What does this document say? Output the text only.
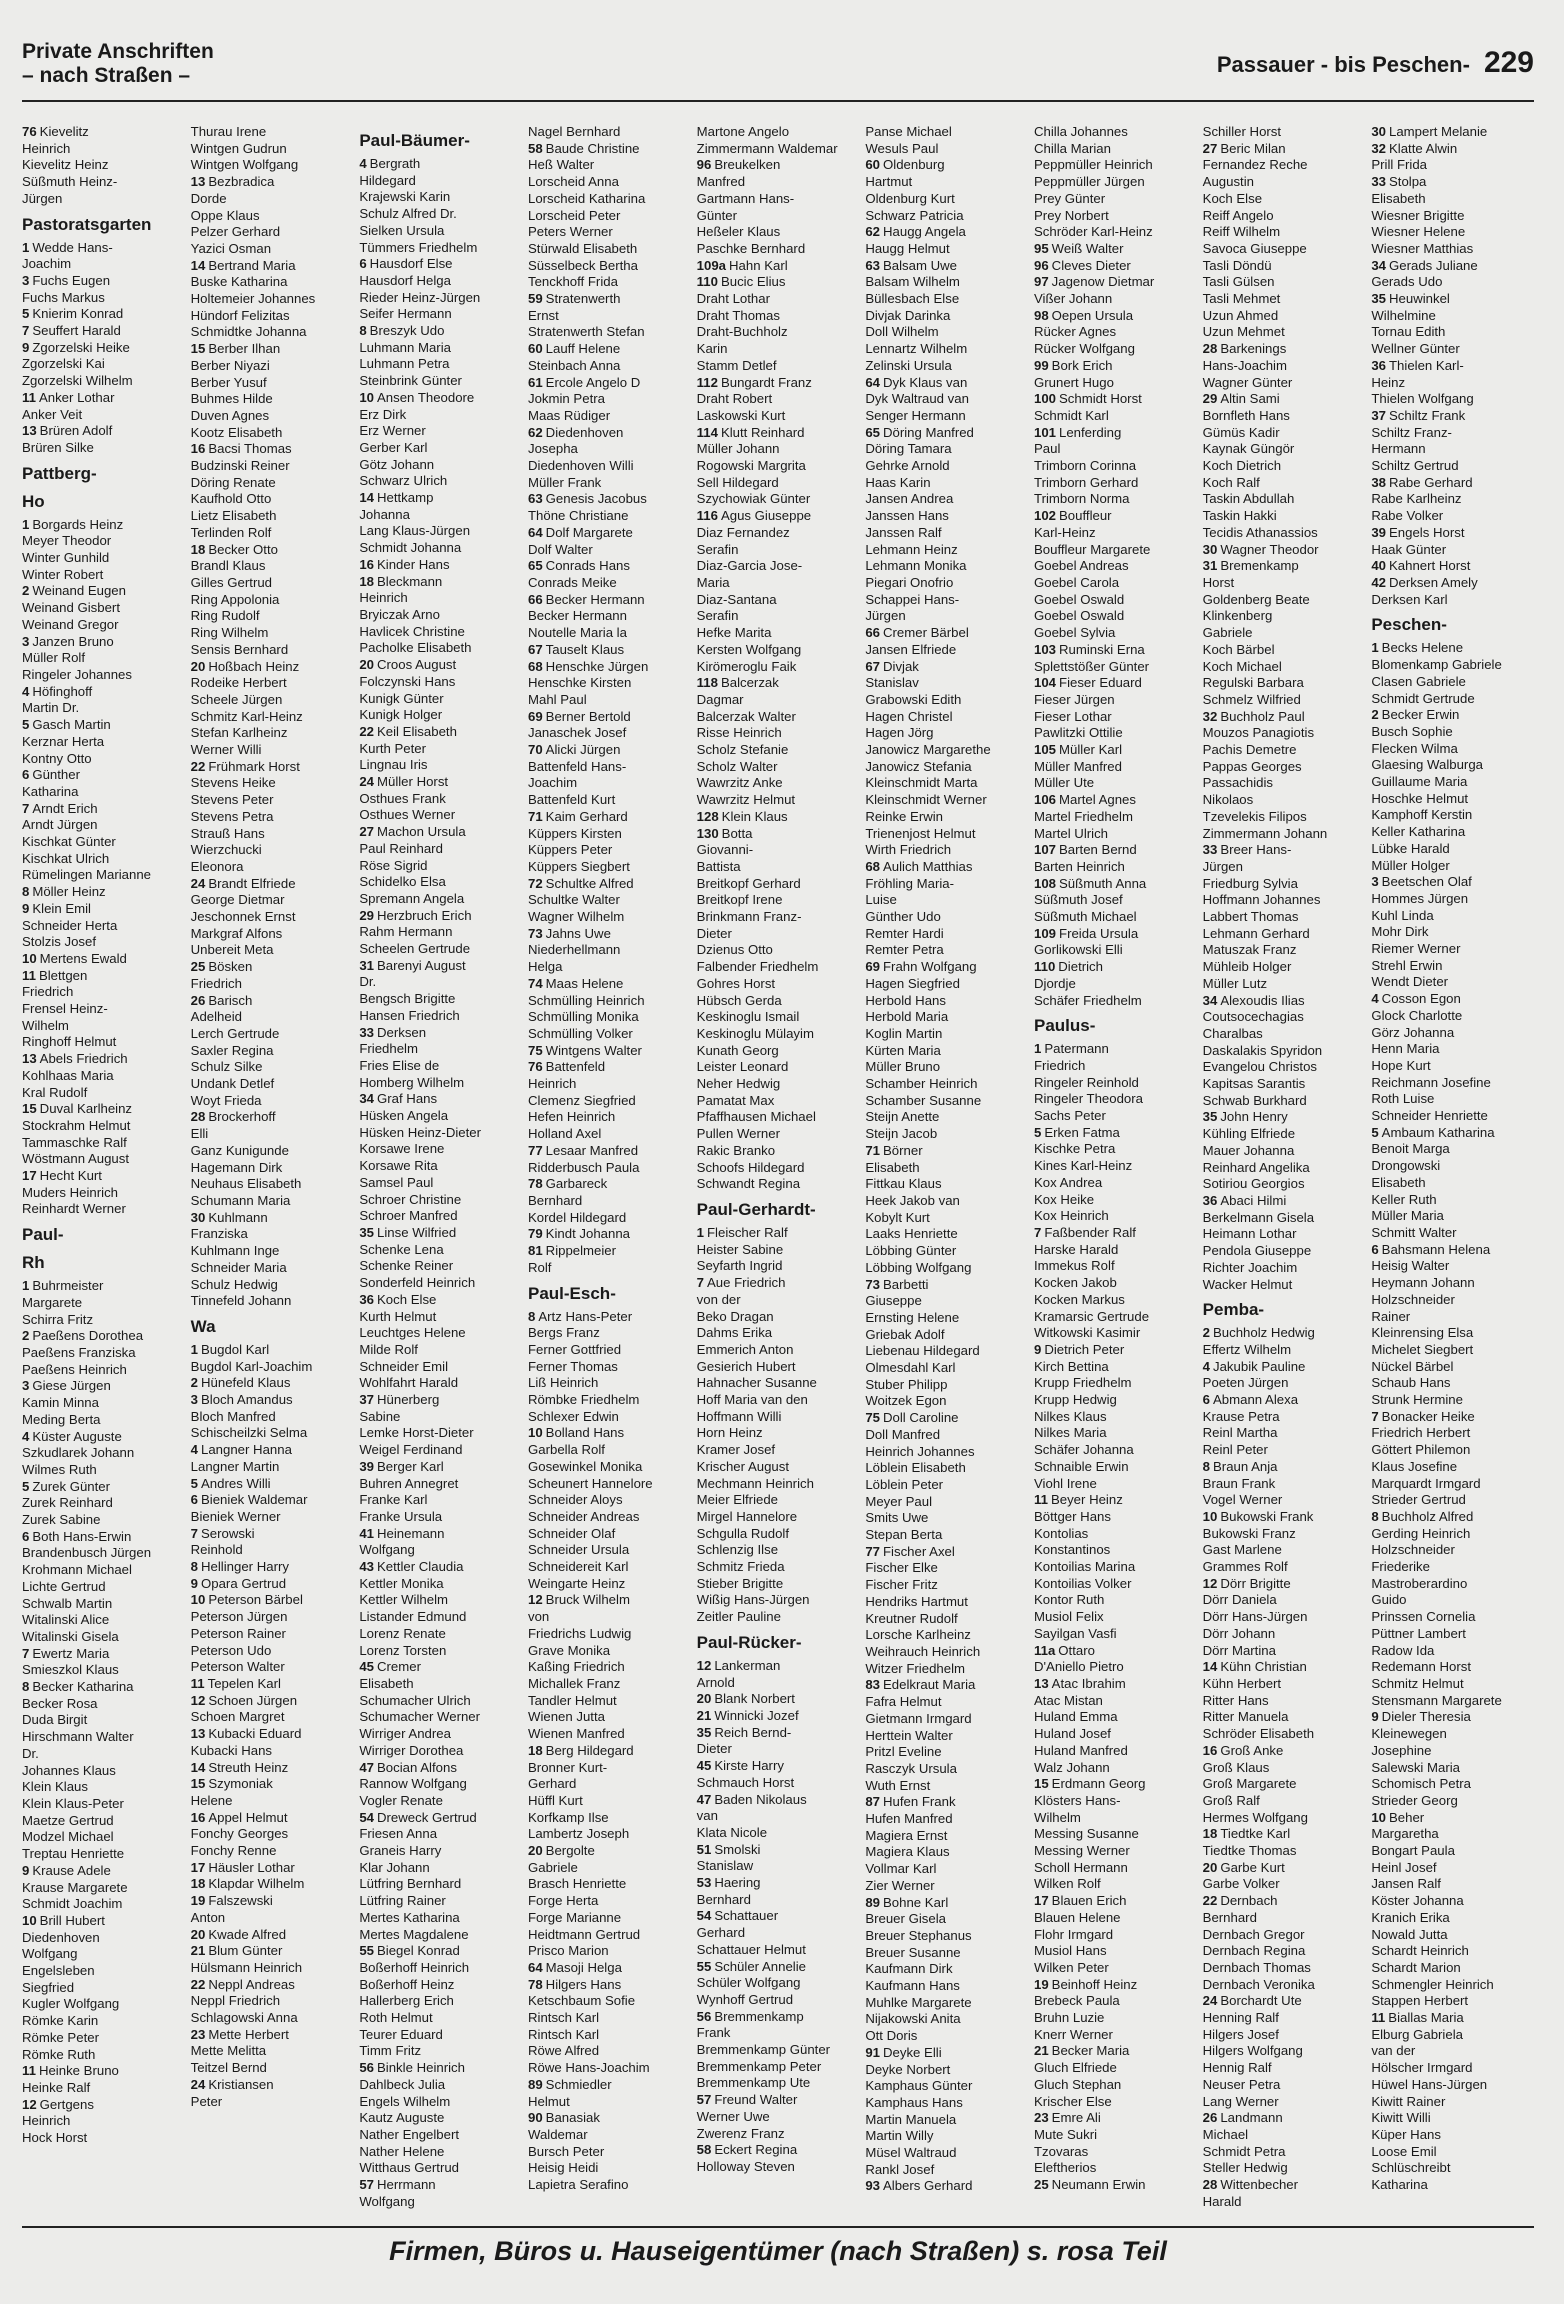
Private Anschriften
– nach Straßen –	Passauer - bis Peschen- 229
76 Kievelitz
Heinrich
Kievelitz Heinz
Süßmuth Heinz-
Jürgen
Pastoratsgarten
1 Wedde Hans-
Joachim
3 Fuchs Eugen
Fuchs Markus
5 Knierim Konrad
7 Seuffert Harald
9 Zgorzelski Heike
Zgorzelski Kai
Zgorzelski Wilhelm
11 Anker Lothar
Anker Veit
13 Brüren Adolf
Brüren Silke
Pattberg-
Ho
1 Borgards Heinz
Meyer Theodor
Winter Gunhild
Winter Robert
2 Weinand Eugen
Weinand Gisbert
Weinand Gregor
3 Janzen Bruno
Müller Rolf
Ringeler Johannes
4 Höfinghoff
Martin Dr.
5 Gasch Martin
Kerznar Herta
Kontny Otto
6 Günther
Katharina
7 Arndt Erich
Arndt Jürgen
Kischkat Günter
Kischkat Ulrich
Rümelingen Marianne
8 Möller Heinz
9 Klein Emil
Schneider Herta
Stolzis Josef
10 Mertens Ewald
11 Blettgen
Friedrich
Frensel Heinz-
Wilhelm
Ringhoff Helmut
13 Abels Friedrich
Kohlhaas Maria
Kral Rudolf
15 Duval Karlheinz
Stockrahm Helmut
Tammaschke Ralf
Wöstmann August
17 Hecht Kurt
Muders Heinrich
Reinhardt Werner
Paul-
Rh
1 Buhrmeister
Margarete
Schirra Fritz
2 Paeßens Dorothea
Paeßens Franziska
Paeßens Heinrich
3 Giese Jürgen
Kamin Minna
Meding Berta
4 Küster Auguste
Szkudlarek Johann
Wilmes Ruth
5 Zurek Günter
Zurek Reinhard
Zurek Sabine
6 Both Hans-Erwin
Brandenbusch Jürgen
Krohmann Michael
Lichte Gertrud
Schwalb Martin
Witalinski Alice
Witalinski Gisela
7 Ewertz Maria
Smieszkol Klaus
8 Becker Katharina
Becker Rosa
Duda Birgit
Hirschmann Walter
Dr.
Johannes Klaus
Klein Klaus
Klein Klaus-Peter
Maetze Gertrud
Modzel Michael
Treptau Henriette
9 Krause Adele
Krause Margarete
Schmidt Joachim
10 Brill Hubert
Diedenhoven
Wolfgang
Engelsleben
Siegfried
Kugler Wolfgang
Römke Karin
Römke Peter
Römke Ruth
11 Heinke Bruno
Heinke Ralf
12 Gertgens
Heinrich
Hock Horst
Thurau Irene
Wintgen Gudrun
Wintgen Wolfgang
13 Bezbradica
Dorde
Oppe Klaus
Pelzer Gerhard
Yazici Osman
14 Bertrand Maria
Buske Katharina
Holtemeier Johannes
Hündorf Felizitas
Schmidtke Johanna
15 Berber Ilhan
Berber Niyazi
Berber Yusuf
Buhmes Hilde
Duven Agnes
Kootz Elisabeth
16 Bacsi Thomas
Budzinski Reiner
Döring Renate
Kaufhold Otto
Lietz Elisabeth
Terlinden Rolf
18 Becker Otto
Brandl Klaus
Gilles Gertrud
Ring Appolonia
Ring Rudolf
Ring Wilhelm
Sensis Bernhard
20 Hoßbach Heinz
Rodeike Herbert
Scheele Jürgen
Schmitz Karl-Heinz
Stefan Karlheinz
Werner Willi
22 Frühmark Horst
Stevens Heike
Stevens Peter
Stevens Petra
Strauß Hans
Wierzchucki
Eleonora
24 Brandt Elfriede
George Dietmar
Jeschonnek Ernst
Markgraf Alfons
Unbereit Meta
25 Bösken
Friedrich
26 Barisch
Adelheid
Lerch Gertrude
Saxler Regina
Schulz Silke
Undank Detlef
Woyt Frieda
28 Brockerhoff
Elli
Ganz Kunigunde
Hagemann Dirk
Neuhaus Elisabeth
Schumann Maria
30 Kuhlmann
Franziska
Kuhlmann Inge
Schneider Maria
Schulz Hedwig
Tinnefeld Johann
Wa
1 Bugdol Karl
Bugdol Karl-Joachim
2 Hünefeld Klaus
3 Bloch Amandus
Bloch Manfred
Schischeilzki Selma
4 Langner Hanna
Langner Martin
5 Andres Willi
6 Bieniek Waldemar
Bieniek Werner
7 Serowski
Reinhold
8 Hellinger Harry
9 Opara Gertrud
10 Peterson Bärbel
Peterson Jürgen
Peterson Rainer
Peterson Udo
Peterson Walter
11 Tepelen Karl
12 Schoen Jürgen
Schoen Margret
13 Kubacki Eduard
Kubacki Hans
14 Streuth Heinz
15 Szymoniak
Helene
16 Appel Helmut
Fonchy Georges
Fonchy Renne
17 Häusler Lothar
18 Klapdar Wilhelm
19 Falszewski
Anton
20 Kwade Alfred
21 Blum Günter
Hülsmann Heinrich
22 Neppl Andreas
Neppl Friedrich
Schlagowski Anna
23 Mette Herbert
Mette Melitta
Teitzel Bernd
24 Kristiansen
Peter
Paul-Bäumer-
4 Bergrath
Hildegard
Krajewski Karin
Schulz Alfred Dr.
Sielken Ursula
Tümmers Friedhelm
6 Hausdorf Else
Hausdorf Helga
Rieder Heinz-Jürgen
Seifer Hermann
8 Breszyk Udo
Luhmann Maria
Luhmann Petra
Steinbrink Günter
10 Ansen Theodore
Erz Dirk
Erz Werner
Gerber Karl
Götz Johann
Schwarz Ulrich
14 Hettkamp
Johanna
Lang Klaus-Jürgen
Schmidt Johanna
16 Kinder Hans
18 Bleckmann
Heinrich
Bryiczak Arno
Havlicek Christine
Pacholke Elisabeth
20 Croos August
Folczynski Hans
Kunigk Günter
Kunigk Holger
22 Keil Elisabeth
Kurth Peter
Lingnau Iris
24 Müller Horst
Osthues Frank
Osthues Werner
27 Machon Ursula
Paul Reinhard
Röse Sigrid
Schidelko Elsa
Spremann Angela
29 Herzbruch Erich
Rahm Hermann
Scheelen Gertrude
31 Barenyi August
Dr.
Bengsch Brigitte
Hansen Friedrich
33 Derksen
Friedhelm
Fries Elise de
Homberg Wilhelm
34 Graf Hans
Hüsken Angela
Hüsken Heinz-Dieter
Korsawe Irene
Korsawe Rita
Samsel Paul
Schroer Christine
Schroer Manfred
35 Linse Wilfried
Schenke Lena
Schenke Reiner
Sonderfeld Heinrich
36 Koch Else
Kurth Helmut
Leuchtges Helene
Milde Rolf
Schneider Emil
Wohlfahrt Harald
37 Hünerberg
Sabine
Lemke Horst-Dieter
Weigel Ferdinand
39 Berger Karl
Buhren Annegret
Franke Karl
Franke Ursula
41 Heinemann
Wolfgang
43 Kettler Claudia
Kettler Monika
Kettler Wilhelm
Listander Edmund
Lorenz Renate
Lorenz Torsten
45 Cremer
Elisabeth
Schumacher Ulrich
Schumacher Werner
Wirriger Andrea
Wirriger Dorothea
47 Bocian Alfons
Rannow Wolfgang
Vogler Renate
54 Dreweck Gertrud
Friesen Anna
Graneis Harry
Klar Johann
Lütfring Bernhard
Lütfring Rainer
Mertes Katharina
Mertes Magdalene
55 Biegel Konrad
Boßerhoff Heinrich
Boßerhoff Heinz
Hallerberg Erich
Roth Helmut
Teurer Eduard
Timm Fritz
56 Binkle Heinrich
Dahlbeck Julia
Engels Wilhelm
Kautz Auguste
Nather Engelbert
Nather Helene
Witthaus Gertrud
57 Herrmann
Wolfgang
Nagel Bernhard
58 Baude Christine
Heß Walter
Lorscheid Anna
Lorscheid Katharina
Lorscheid Peter
Peters Werner
Stürwald Elisabeth
Süsselbeck Bertha
Tenckhoff Frida
59 Stratenwerth
Ernst
Stratenwerth Stefan
60 Lauff Helene
Steinbach Anna
61 Ercole Angelo D
Jokmin Petra
Maas Rüdiger
62 Diedenhoven
Josepha
Diedenhoven Willi
Müller Frank
63 Genesis Jacobus
Thöne Christiane
64 Dolf Margarete
Dolf Walter
65 Conrads Hans
Conrads Meike
66 Becker Hermann
Becker Hermann
Noutelle Maria la
67 Tauselt Klaus
68 Henschke Jürgen
Henschke Kirsten
Mahl Paul
69 Berner Bertold
Janaschek Josef
70 Alicki Jürgen
Battenfeld Hans-
Joachim
Battenfeld Kurt
71 Kaim Gerhard
Küppers Kirsten
Küppers Peter
Küppers Siegbert
72 Schultke Alfred
Schultke Walter
Wagner Wilhelm
73 Jahns Uwe
Niederhellmann
Helga
74 Maas Helene
Schmülling Heinrich
Schmülling Monika
Schmülling Volker
75 Wintgens Walter
76 Battenfeld
Heinrich
Clemenz Siegfried
Hefen Heinrich
Holland Axel
77 Lesaar Manfred
Ridderbusch Paula
78 Garbareck
Bernhard
Kordel Hildegard
79 Kindt Johanna
81 Rippelmeier
Rolf
Paul-Esch-
8 Artz Hans-Peter
Bergs Franz
Ferner Gottfried
Ferner Thomas
Liß Heinrich
Römbke Friedhelm
Schlexer Edwin
10 Bolland Hans
Garbella Rolf
Gosewinkel Monika
Scheunert Hannelore
Schneider Aloys
Schneider Andreas
Schneider Olaf
Schneider Ursula
Schneidereit Karl
Weingarte Heinz
12 Bruck Wilhelm
von
Friedrichs Ludwig
Grave Monika
Kaßing Friedrich
Michallek Franz
Tandler Helmut
Wienen Jutta
Wienen Manfred
18 Berg Hildegard
Bronner Kurt-
Gerhard
Hüffl Kurt
Korfkamp Ilse
Lambertz Joseph
20 Bergolte
Gabriele
Brasch Henriette
Forge Herta
Forge Marianne
Heidtmann Gertrud
Prisco Marion
64 Masoji Helga
78 Hilgers Hans
Ketschbaum Sofie
Rintsch Karl
Rintsch Karl
Röwe Alfred
Röwe Hans-Joachim
89 Schmiedler
Helmut
90 Banasiak
Waldemar
Bursch Peter
Heisig Heidi
Lapietra Serafino
Martone Angelo
Zimmermann Waldemar
96 Breukelken
Manfred
Gartmann Hans-
Günter
Heßeler Klaus
Paschke Bernhard
109a Hahn Karl
110 Bucic Elius
Draht Lothar
Draht Thomas
Draht-Buchholz
Karin
Stamm Detlef
112 Bungardt Franz
Draht Robert
Laskowski Kurt
114 Klutt Reinhard
Müller Johann
Rogowski Margrita
Sell Hildegard
Szychowiak Günter
116 Agus Giuseppe
Diaz Fernandez
Serafin
Diaz-Garcia Jose-
Maria
Diaz-Santana
Serafin
Hefke Marita
Kersten Wolfgang
Kirömeroglu Faik
118 Balcerzak
Dagmar
Balcerzak Walter
Risse Heinrich
Scholz Stefanie
Scholz Walter
Wawrzitz Anke
Wawrzitz Helmut
128 Klein Klaus
130 Botta
Giovanni-
Battista
Breitkopf Gerhard
Breitkopf Irene
Brinkmann Franz-
Dieter
Dzienus Otto
Falbender Friedhelm
Gohres Horst
Hübsch Gerda
Keskinoglu Ismail
Keskinoglu Mülayim
Kunath Georg
Leister Leonard
Neher Hedwig
Pamatat Max
Pfaffhausen Michael
Pullen Werner
Rakic Branko
Schoofs Hildegard
Schwandt Regina
Paul-Gerhardt-
1 Fleischer Ralf
Heister Sabine
Seyfarth Ingrid
7 Aue Friedrich
von der
Beko Dragan
Dahms Erika
Emmerich Anton
Gesierich Hubert
Hahnacher Susanne
Hoff Maria van den
Hoffmann Willi
Horn Heinz
Kramer Josef
Krischer August
Mechmann Heinrich
Meier Elfriede
Mirgel Hannelore
Schgulla Rudolf
Schlenzig Ilse
Schmitz Frieda
Stieber Brigitte
Wißig Hans-Jürgen
Zeitler Pauline
Paul-Rücker-
12 Lankerman
Arnold
20 Blank Norbert
21 Winnicki Jozef
35 Reich Bernd-
Dieter
45 Kirste Harry
Schmauch Horst
47 Baden Nikolaus
van
Klata Nicole
51 Smolski
Stanislaw
53 Haering
Bernhard
54 Schattauer
Gerhard
Schattauer Helmut
55 Schüler Annelie
Schüler Wolfgang
Wynhoff Gertrud
56 Bremmenkamp
Frank
Bremmenkamp Günter
Bremmenkamp Peter
Bremmenkamp Ute
57 Freund Walter
Werner Uwe
Zwerenz Franz
58 Eckert Regina
Holloway Steven
Panse Michael
Wesuls Paul
60 Oldenburg
Hartmut
Oldenburg Kurt
Schwarz Patricia
62 Haugg Angela
Haugg Helmut
63 Balsam Uwe
Balsam Wilhelm
Büllesbach Else
Divjak Darinka
Doll Wilhelm
Lennartz Wilhelm
Zelinski Ursula
64 Dyk Klaus van
Dyk Waltraud van
Senger Hermann
65 Döring Manfred
Döring Tamara
Gehrke Arnold
Haas Karin
Jansen Andrea
Janssen Hans
Janssen Ralf
Lehmann Heinz
Lehmann Monika
Piegari Onofrio
Schappei Hans-
Jürgen
66 Cremer Bärbel
Jansen Elfriede
67 Divjak
Stanislav
Grabowski Edith
Hagen Christel
Hagen Jörg
Janowicz Margarethe
Janowicz Stefania
Kleinschmidt Marta
Kleinschmidt Werner
Reinke Erwin
Trienenjost Helmut
Wirth Friedrich
68 Aulich Matthias
Fröhling Maria-
Luise
Günther Udo
Remter Hardi
Remter Petra
69 Frahn Wolfgang
Hagen Siegfried
Herbold Hans
Herbold Maria
Koglin Martin
Kürten Maria
Müller Bruno
Schamber Heinrich
Schamber Susanne
Steijn Anette
Steijn Jacob
71 Börner
Elisabeth
Fittkau Klaus
Heek Jakob van
Kobylt Kurt
Laaks Henriette
Löbbing Günter
Löbbing Wolfgang
73 Barbetti
Giuseppe
Ernsting Helene
Griebak Adolf
Liebenau Hildegard
Olmesdahl Karl
Stuber Philipp
Woitzek Egon
75 Doll Caroline
Doll Manfred
Heinrich Johannes
Löblein Elisabeth
Löblein Peter
Meyer Paul
Smits Uwe
Stepan Berta
77 Fischer Axel
Fischer Elke
Fischer Fritz
Hendriks Hartmut
Kreutner Rudolf
Lorsche Karlheinz
Weihrauch Heinrich
Witzer Friedhelm
83 Edelkraut Maria
Fafra Helmut
Gietmann Irmgard
Herttein Walter
Pritzl Eveline
Rasczyk Ursula
Wuth Ernst
87 Hufen Frank
Hufen Manfred
Magiera Ernst
Magiera Klaus
Vollmar Karl
Zier Werner
89 Bohne Karl
Breuer Gisela
Breuer Stephanus
Breuer Susanne
Kaufmann Dirk
Kaufmann Hans
Muhlke Margarete
Nijakowski Anita
Ott Doris
91 Deyke Elli
Deyke Norbert
Kamphaus Günter
Kamphaus Hans
Martin Manuela
Martin Willy
Müsel Waltraud
Rankl Josef
93 Albers Gerhard
Chilla Johannes
Chilla Marian
Peppmüller Heinrich
Peppmüller Jürgen
Prey Günter
Prey Norbert
Schröder Karl-Heinz
95 Weiß Walter
96 Cleves Dieter
97 Jagenow Dietmar
Vißer Johann
98 Oepen Ursula
Rücker Agnes
Rücker Wolfgang
99 Bork Erich
Grunert Hugo
100 Schmidt Horst
Schmidt Karl
101 Lenferding
Paul
Trimborn Corinna
Trimborn Gerhard
Trimborn Norma
102 Bouffleur
Karl-Heinz
Bouffleur Margarete
Goebel Andreas
Goebel Carola
Goebel Oswald
Goebel Oswald
Goebel Sylvia
103 Ruminski Erna
Splettstößer Günter
104 Fieser Eduard
Fieser Jürgen
Fieser Lothar
Pawlitzki Ottilie
105 Müller Karl
Müller Manfred
Müller Ute
106 Martel Agnes
Martel Friedhelm
Martel Ulrich
107 Barten Bernd
Barten Heinrich
108 Süßmuth Anna
Süßmuth Josef
Süßmuth Michael
109 Freida Ursula
Gorlikowski Elli
110 Dietrich
Djordje
Schäfer Friedhelm
Paulus-
1 Patermann
Friedrich
Ringeler Reinhold
Ringeler Theodora
Sachs Peter
5 Erken Fatma
Kischke Petra
Kines Karl-Heinz
Kox Andrea
Kox Heike
Kox Heinrich
7 Faßbender Ralf
Harske Harald
Immekus Rolf
Kocken Jakob
Kocken Markus
Kramarsic Gertrude
Witkowski Kasimir
9 Dietrich Peter
Kirch Bettina
Krupp Friedhelm
Krupp Hedwig
Nilkes Klaus
Nilkes Maria
Schäfer Johanna
Schnaible Erwin
Viohl Irene
11 Beyer Heinz
Böttger Hans
Kontolias
Konstantinos
Kontoilias Marina
Kontoilias Volker
Kontor Ruth
Musiol Felix
Sayilgan Vasfi
11a Ottaro
D'Aniello Pietro
13 Atac Ibrahim
Atac Mistan
Huland Emma
Huland Josef
Huland Manfred
Walz Johann
15 Erdmann Georg
Klösters Hans-
Wilhelm
Messing Susanne
Messing Werner
Scholl Hermann
Wilken Rolf
17 Blauen Erich
Blauen Helene
Flohr Irmgard
Musiol Hans
Wilken Peter
19 Beinhoff Heinz
Brebeck Paula
Bruhn Luzie
Knerr Werner
21 Becker Maria
Gluch Elfriede
Gluch Stephan
Krischer Else
23 Emre Ali
Mute Sukri
Tzovaras
Eleftherios
25 Neumann Erwin
Schiller Horst
27 Beric Milan
Fernandez Reche
Augustin
Koch Else
Reiff Angelo
Reiff Wilhelm
Savoca Giuseppe
Tasli Döndü
Tasli Gülsen
Tasli Mehmet
Uzun Ahmed
Uzun Mehmet
28 Barkenings
Hans-Joachim
Wagner Günter
29 Altin Sami
Bornfleth Hans
Gümüs Kadir
Kaynak Güngör
Koch Dietrich
Koch Ralf
Taskin Abdullah
Taskin Hakki
Tecidis Athanassios
30 Wagner Theodor
31 Bremenkamp
Horst
Goldenberg Beate
Klinkenberg
Gabriele
Koch Bärbel
Koch Michael
Regulski Barbara
Schmelz Wilfried
32 Buchholz Paul
Mouzos Panagiotis
Pachis Demetre
Pappas Georges
Passachidis
Nikolaos
Tzevelekis Filipos
Zimmermann Johann
33 Breer Hans-
Jürgen
Friedburg Sylvia
Hoffmann Johannes
Labbert Thomas
Lehmann Gerhard
Matuszak Franz
Mühleib Holger
Müller Lutz
34 Alexoudis Ilias
Coutsocechagias
Charalbas
Daskalakis Spyridon
Evangelou Christos
Kapitsas Sarantis
Schwab Burkhard
35 John Henry
Kühling Elfriede
Mauer Johanna
Reinhard Angelika
Sotiriou Georgios
36 Abaci Hilmi
Berkelmann Gisela
Heimann Lothar
Pendola Giuseppe
Richter Joachim
Wacker Helmut
Pemba-
2 Buchholz Hedwig
Effertz Wilhelm
4 Jakubik Pauline
Poeten Jürgen
6 Abmann Alexa
Krause Petra
Reinl Martha
Reinl Peter
8 Braun Anja
Braun Frank
Vogel Werner
10 Bukowski Frank
Bukowski Franz
Gast Marlene
Grammes Rolf
12 Dörr Brigitte
Dörr Daniela
Dörr Hans-Jürgen
Dörr Johann
Dörr Martina
14 Kühn Christian
Kühn Herbert
Ritter Hans
Ritter Manuela
Schröder Elisabeth
16 Groß Anke
Groß Klaus
Groß Margarete
Groß Ralf
Hermes Wolfgang
18 Tiedtke Karl
Tiedtke Thomas
20 Garbe Kurt
Garbe Volker
22 Dernbach
Bernhard
Dernbach Gregor
Dernbach Regina
Dernbach Thomas
Dernbach Veronika
24 Borchardt Ute
Henning Ralf
Hilgers Josef
Hilgers Wolfgang
Hennig Ralf
Neuser Petra
Lang Werner
26 Landmann
Michael
Schmidt Petra
Steller Hedwig
28 Wittenbecher
Harald
30 Lampert Melanie
32 Klatte Alwin
Prill Frida
33 Stolpa
Elisabeth
Wiesner Brigitte
Wiesner Helene
Wiesner Matthias
34 Gerads Juliane
Gerads Udo
35 Heuwinkel
Wilhelmine
Tornau Edith
Wellner Günter
36 Thielen Karl-
Heinz
Thielen Wolfgang
37 Schiltz Frank
Schiltz Franz-
Hermann
Schiltz Gertrud
38 Rabe Gerhard
Rabe Karlheinz
Rabe Volker
39 Engels Horst
Haak Günter
40 Kahnert Horst
42 Derksen Amely
Derksen Karl
Peschen-
1 Becks Helene
Blomenkamp Gabriele
Clasen Gabriele
Schmidt Gertrude
2 Becker Erwin
Busch Sophie
Flecken Wilma
Glaesing Walburga
Guillaume Maria
Hoschke Helmut
Kamphoff Kerstin
Keller Katharina
Lübke Harald
Müller Holger
3 Beetschen Olaf
Hommes Jürgen
Kuhl Linda
Mohr Dirk
Riemer Werner
Strehl Erwin
Wendt Dieter
4 Cosson Egon
Glock Charlotte
Görz Johanna
Henn Maria
Hope Kurt
Reichmann Josefine
Roth Luise
Schneider Henriette
5 Ambaum Katharina
Benoit Marga
Drongowski
Elisabeth
Keller Ruth
Müller Maria
Schmitt Walter
6 Bahsmann Helena
Heisig Walter
Heymann Johann
Holzschneider
Rainer
Kleinrensing Elsa
Michelet Siegbert
Nückel Bärbel
Schaub Hans
Strunk Hermine
7 Bonacker Heike
Friedrich Herbert
Göttert Philemon
Klaus Josefine
Marquardt Irmgard
Strieder Gertrud
8 Buchholz Alfred
Gerding Heinrich
Holzschneider
Friederike
Mastroberardino
Guido
Prinssen Cornelia
Püttner Lambert
Radow Ida
Redemann Horst
Schmitz Helmut
Stensmann Margarete
9 Dieler Theresia
Kleinewegen
Josephine
Salewski Maria
Schomisch Petra
Strieder Georg
10 Beher
Margaretha
Bongart Paula
Heinl Josef
Jansen Ralf
Köster Johanna
Kranich Erika
Nowald Jutta
Schardt Heinrich
Schardt Marion
Schmengler Heinrich
Stappen Herbert
11 Biallas Maria
Elburg Gabriela
van der
Hölscher Irmgard
Hüwel Hans-Jürgen
Kiwitt Rainer
Kiwitt Willi
Küper Hans
Loose Emil
Schlüschreibt
Katharina
Firmen, Büros u. Hauseigentümer (nach Straßen) s. rosa Teil
